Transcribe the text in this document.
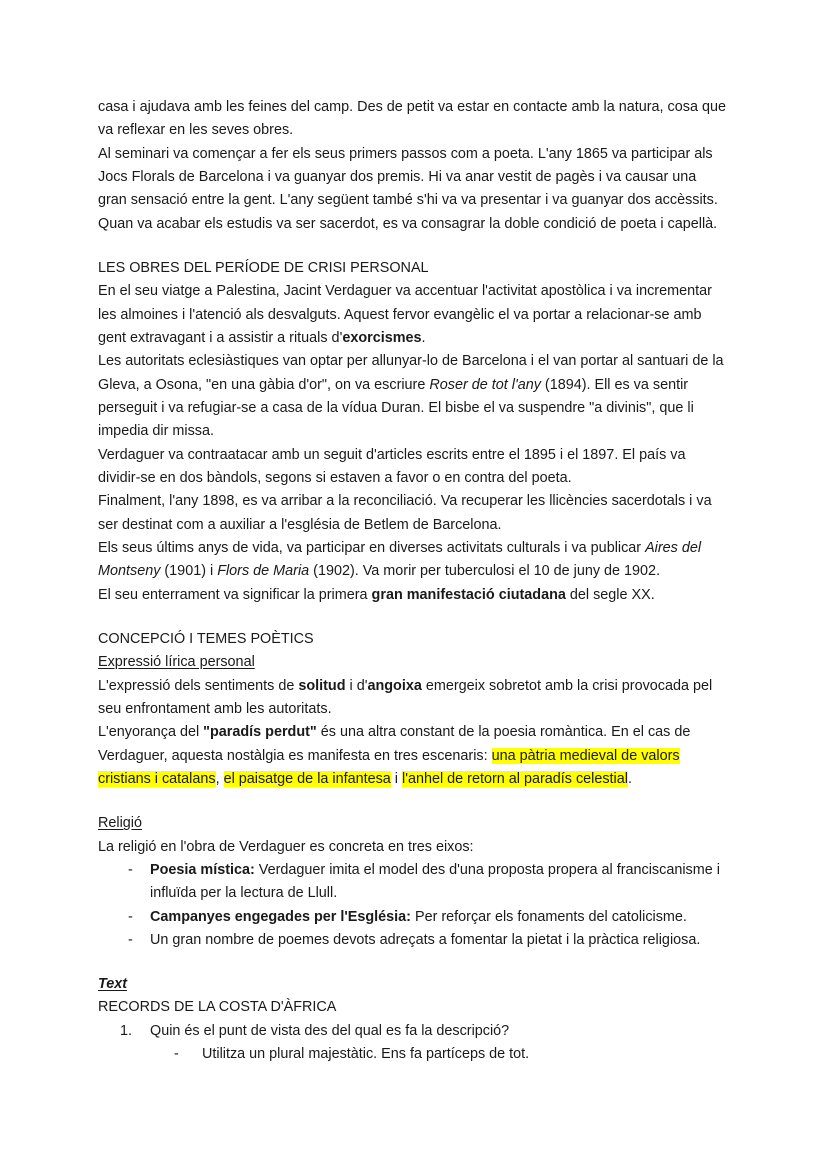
casa i ajudava amb les feines del camp. Des de petit va estar en contacte amb la natura, cosa que va reflexar en les seves obres.

Al seminari va començar a fer els seus primers passos com a poeta. L'any 1865 va participar als Jocs Florals de Barcelona i va guanyar dos premis. Hi va anar vestit de pagès i va causar una gran sensació entre la gent. L'any següent també s'hi va va presentar i va guanyar dos accèssits.

Quan va acabar els estudis va ser sacerdot, es va consagrar la doble condició de poeta i capellà.

LES OBRES DEL PERÍODE DE CRISI PERSONAL

En el seu viatge a Palestina, Jacint Verdaguer va accentuar l'activitat apostòlica i va incrementar les almoines i l'atenció als desvalguts. Aquest fervor evangèlic el va portar a relacionar-se amb gent extravagant i a assistir a rituals d'exorcismes.

Les autoritats eclesiàstiques van optar per allunyar-lo de Barcelona i el van portar al santuari de la Gleva, a Osona, "en una gàbia d'or", on va escriure Roser de tot l'any (1894). Ell es va sentir perseguit i va refugiar-se a casa de la vídua Duran. El bisbe el va suspendre "a divinis", que li impedia dir missa.

Verdaguer va contraatacar amb un seguit d'articles escrits entre el 1895 i el 1897. El país va dividir-se en dos bàndols, segons si estaven a favor o en contra del poeta.

Finalment, l'any 1898, es va arribar a la reconciliació. Va recuperar les llicències sacerdotals i va ser destinat com a auxiliar a l'església de Betlem de Barcelona.

Els seus últims anys de vida, va participar en diverses activitats culturals i va publicar Aires del Montseny (1901) i Flors de Maria (1902). Va morir per tuberculosi el 10 de juny de 1902.

El seu enterrament va significar la primera gran manifestació ciutadana del segle XX.

CONCEPCIÓ I TEMES POÈTICS

Expressió lírica personal

L'expressió dels sentiments de solitud i d'angoixa emergeix sobretot amb la crisi provocada pel seu enfrontament amb les autoritats.

L'enyorança del "paradís perdut" és una altra constant de la poesia romàntica. En el cas de Verdaguer, aquesta nostàlgia es manifesta en tres escenaris: una pàtria medieval de valors cristians i catalans, el paisatge de la infantesa i l'anhel de retorn al paradís celestial.

Religió

La religió en l'obra de Verdaguer es concreta en tres eixos:

- Poesia mística: Verdaguer imita el model des d'una proposta propera al franciscanisme i influïda per la lectura de Llull.
- Campanyes engegades per l'Església: Per reforçar els fonaments del catolicisme.
- Un gran nombre de poemes devots adreçats a fomentar la pietat i la pràctica religiosa.

Text

RECORDS DE LA COSTA D'ÀFRICA

1. Quin és el punt de vista des del qual es fa la descripció?
- Utilitza un plural majestàtic. Ens fa partíceps de tot.
